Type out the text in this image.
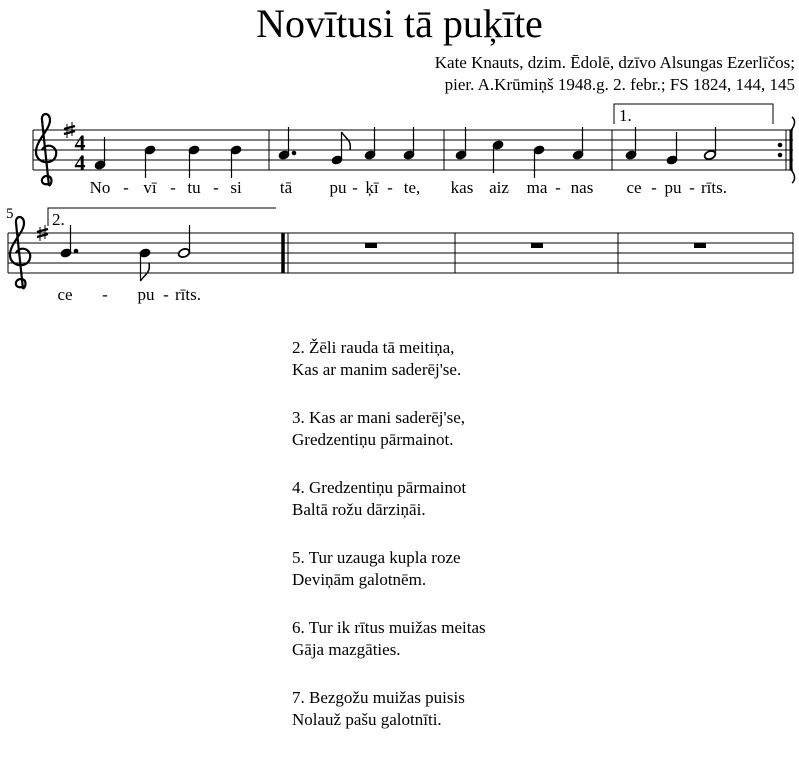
Novītusi tā puķīte
Kate Knauts, dzim. Ēdolē, dzīvo Alsungas Ezerlīčos;
pier. A.Krūmiņš 1948.g. 2. febr.; FS 1824, 144, 145
4
4
1.
No - vī - tu - si tā pu - ķī - te, kas aiz ma - nas ce - pu - rīts.
5 2.
ce - pu - rīts.
2. Žēli rauda tā meitiņa,
Kas ar manim saderēj'se.
3. Kas ar mani saderēj'se,
Gredzentiņu pārmainot.
4. Gredzentiņu pārmainot
Baltā rožu dārziņāi.
5. Tur uzauga kupla roze
Deviņām galotnēm.
6. Tur ik rītus muižas meitas
Gāja mazgāties.
7. Bezgožu muižas puisis
Nolauž pašu galotnīti.
